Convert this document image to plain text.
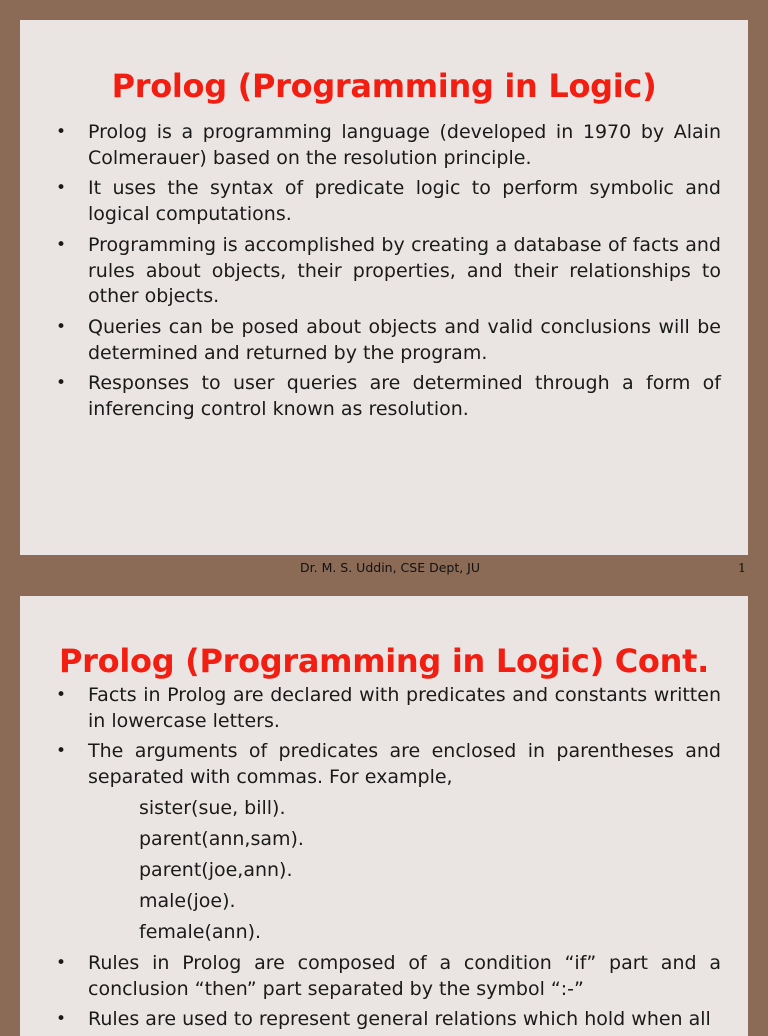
Prolog (Programming in Logic)
•	Prolog is a programming language (developed in 1970 by Alain Colmerauer) based on the resolution principle.
•	It uses the syntax of predicate logic to perform symbolic and logical computations.
•	Programming is accomplished by creating a database of facts and rules about objects, their properties, and their relationships to other objects.
•	Queries can be posed about objects and valid conclusions will be determined and returned by the program.
•	Responses to user queries are determined through a form of inferencing control known as resolution.
Dr. M. S. Uddin, CSE Dept, JU	1
Prolog (Programming in Logic) Cont.
•	Facts in Prolog are declared with predicates and constants written in lowercase letters.
•	The arguments of predicates are enclosed in parentheses and separated with commas. For example,
sister(sue, bill).
parent(ann,sam).
parent(joe,ann).
male(joe).
female(ann).
•	Rules in Prolog are composed of a condition “if” part and a conclusion “then” part separated by the symbol “:-”
•	Rules are used to represent general relations which hold when all
